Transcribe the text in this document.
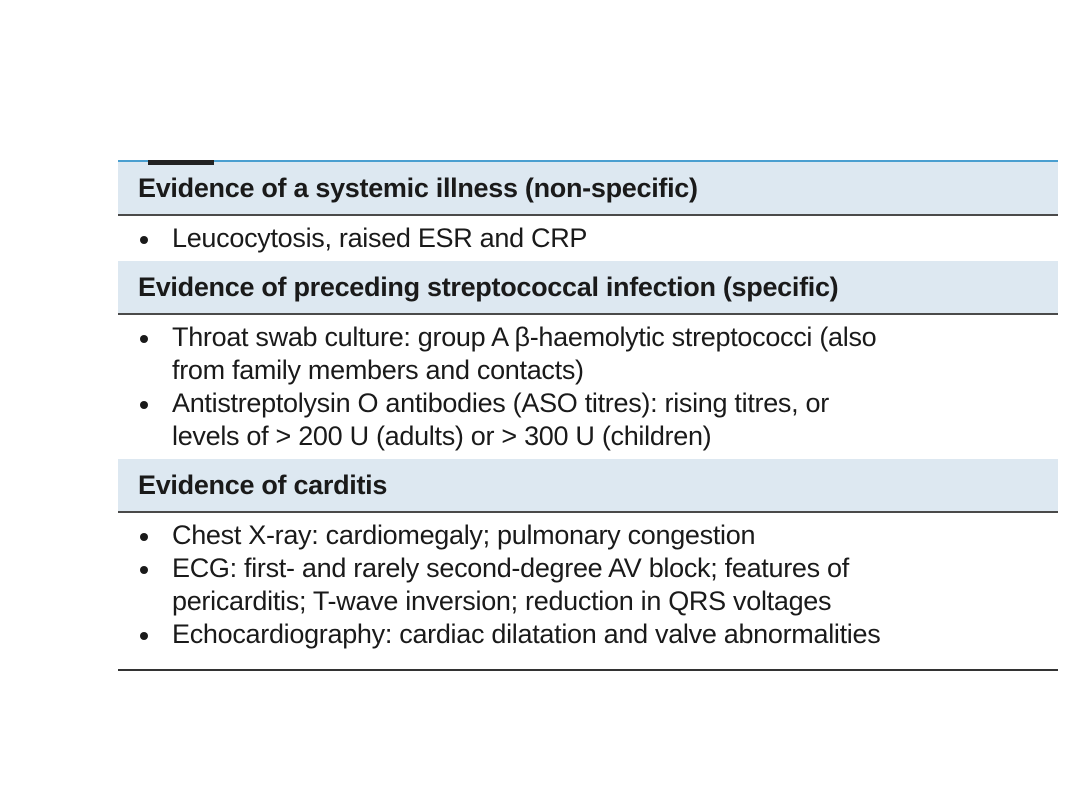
Evidence of a systemic illness (non-specific)
Leucocytosis, raised ESR and CRP
Evidence of preceding streptococcal infection (specific)
Throat swab culture: group A β-haemolytic streptococci (also
from family members and contacts)
Antistreptolysin O antibodies (ASO titres): rising titres, or
levels of > 200 U (adults) or > 300 U (children)
Evidence of carditis
Chest X-ray: cardiomegaly; pulmonary congestion
ECG: first- and rarely second-degree AV block; features of
pericarditis; T-wave inversion; reduction in QRS voltages
Echocardiography: cardiac dilatation and valve abnormalities
